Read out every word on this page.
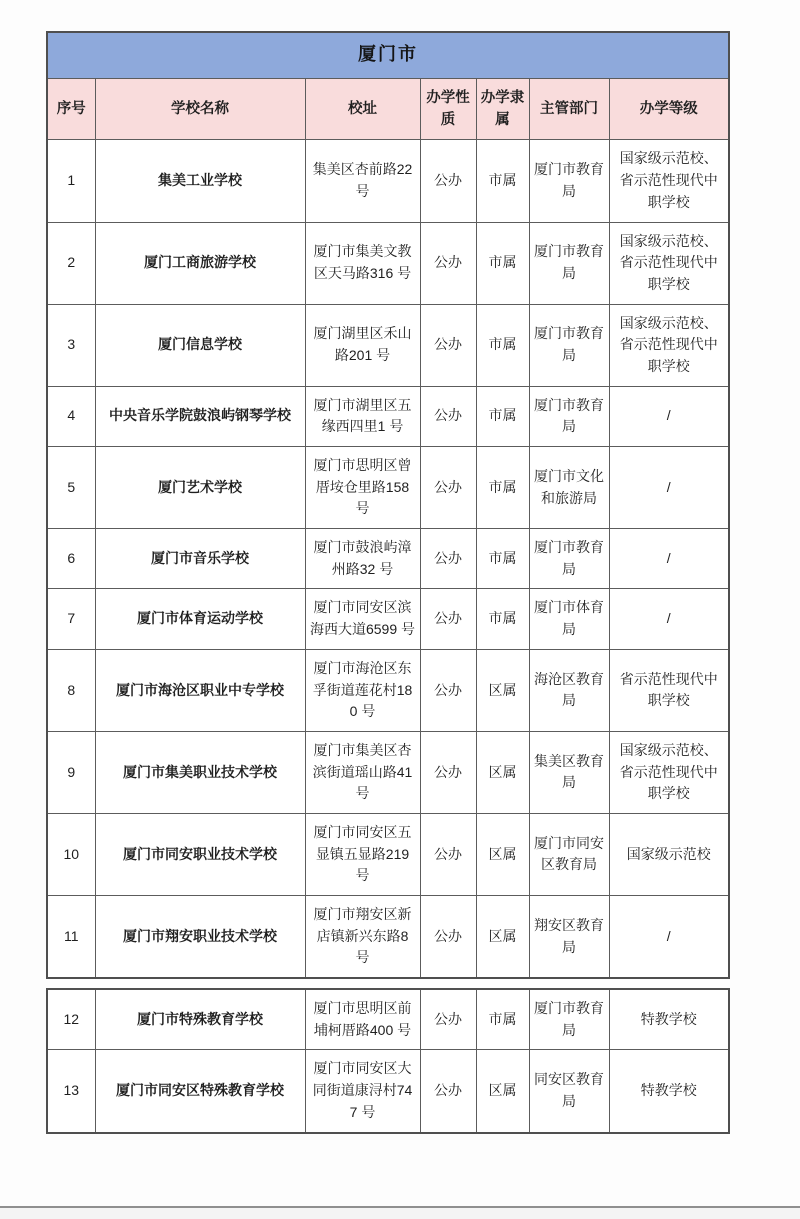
厦门市						
序号	学校名称	校址	办学性质	办学隶属	主管部门	办学等级
1	集美工业学校	集美区杏前路22 号	公办	市属	厦门市教育局	国家级示范校、省示范性现代中职学校
2	厦门工商旅游学校	厦门市集美文教区天马路316 号	公办	市属	厦门市教育局	国家级示范校、省示范性现代中职学校
3	厦门信息学校	厦门湖里区禾山路201 号	公办	市属	厦门市教育局	国家级示范校、省示范性现代中职学校
4	中央音乐学院鼓浪屿钢琴学校	厦门市湖里区五缘西四里1 号	公办	市属	厦门市教育局	/
5	厦门艺术学校	厦门市思明区曾厝垵仓里路158 号	公办	市属	厦门市文化和旅游局	/
6	厦门市音乐学校	厦门市鼓浪屿漳州路32 号	公办	市属	厦门市教育局	/
7	厦门市体育运动学校	厦门市同安区滨海西大道6599 号	公办	市属	厦门市体育局	/
8	厦门市海沧区职业中专学校	厦门市海沧区东孚街道莲花村180 号	公办	区属	海沧区教育局	省示范性现代中职学校
9	厦门市集美职业技术学校	厦门市集美区杏滨街道瑶山路41 号	公办	区属	集美区教育局	国家级示范校、省示范性现代中职学校
10	厦门市同安职业技术学校	厦门市同安区五显镇五显路219 号	公办	区属	厦门市同安区教育局	国家级示范校
11	厦门市翔安职业技术学校	厦门市翔安区新店镇新兴东路8 号	公办	区属	翔安区教育局	/
12	厦门市特殊教育学校	厦门市思明区前埔柯厝路400 号	公办	市属	厦门市教育局	特教学校
13	厦门市同安区特殊教育学校	厦门市同安区大同街道康浔村747 号	公办	区属	同安区教育局	特教学校
